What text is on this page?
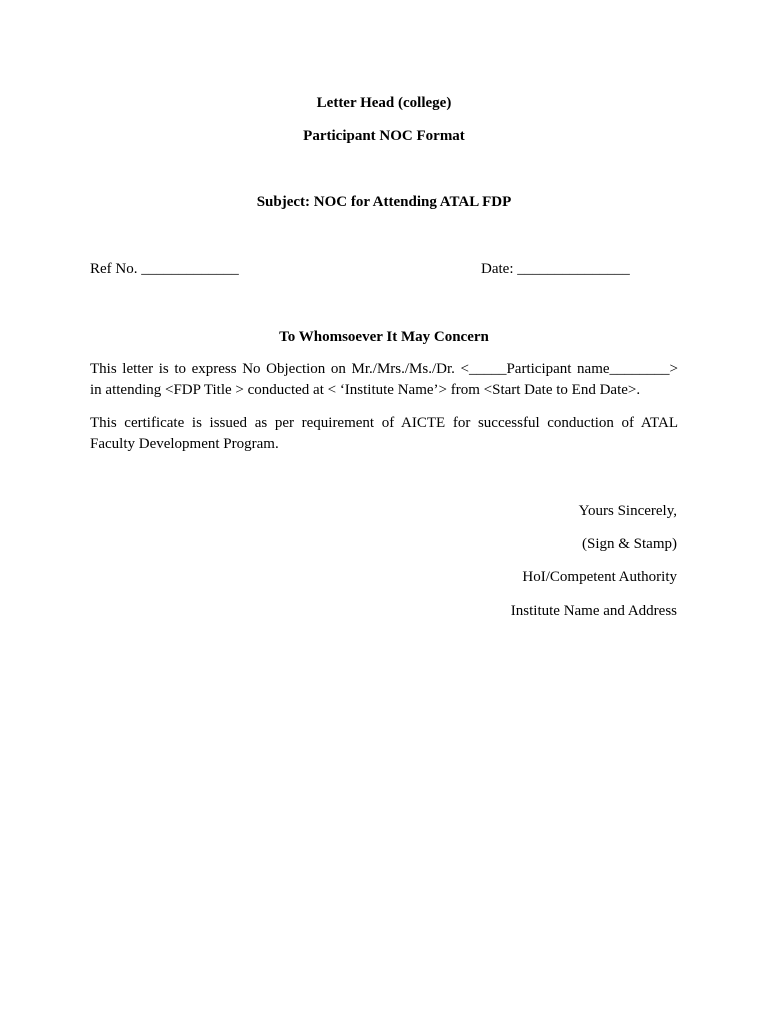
Letter Head (college)
Participant NOC Format
Subject: NOC for Attending ATAL FDP
Ref No. _____________	Date: _______________
To Whomsoever It May Concern
This letter is to express No Objection on Mr./Mrs./Ms./Dr. <_____Participant name________>
in attending <FDP Title > conducted at < ‘Institute Name’> from <Start Date to End Date>.
This certificate is issued as per requirement of AICTE for successful conduction of ATAL
Faculty Development Program.
Yours Sincerely,
(Sign & Stamp)
HoI/Competent Authority
Institute Name and Address
